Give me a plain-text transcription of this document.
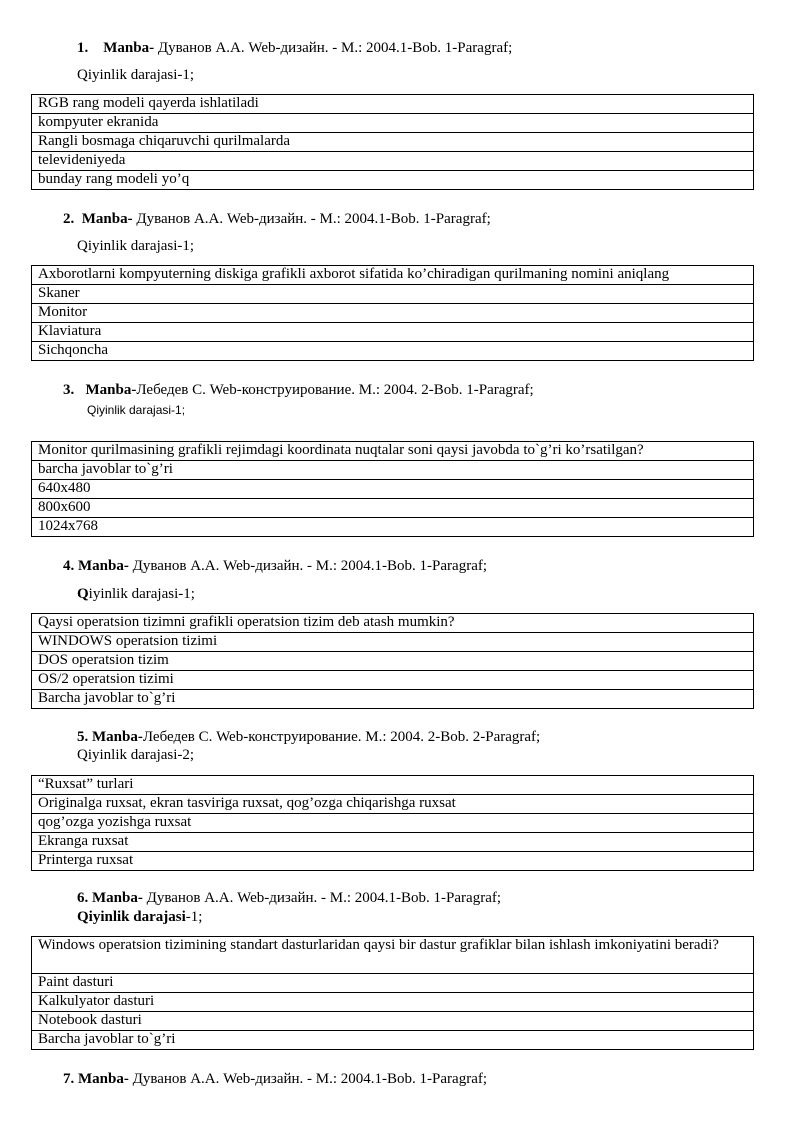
1. Manba- Дуванов А.А. Web-дизайн. - М.: 2004.1-Bob. 1-Paragraf;
Qiyinlik darajasi-1;
RGB rang modeli qayerda ishlatiladi
kompyuter ekranida
Rangli bosmaga chiqaruvchi qurilmalarda
televideniyeda
bunday rang modeli yo’q
2. Manba- Дуванов А.А. Web-дизайн. - М.: 2004.1-Bob. 1-Paragraf;
Qiyinlik darajasi-1;
Axborotlarni kompyuterning diskiga grafikli axborot sifatida ko’chiradigan qurilmaning nomini aniqlang
Skaner
Monitor
Klaviatura
Sichqoncha
3. Manba-Лебедев С. Web-конструирование. М.: 2004. 2-Bob. 1-Paragraf;
Qiyinlik darajasi-1;
Monitor qurilmasining grafikli rejimdagi koordinata nuqtalar soni qaysi javobda to`g’ri ko’rsatilgan?
barcha javoblar to`g’ri
640x480
800x600
1024x768
4. Manba- Дуванов А.А. Web-дизайн. - М.: 2004.1-Bob. 1-Paragraf;
Qiyinlik darajasi-1;
Qaysi operatsion tizimni grafikli operatsion tizim deb atash mumkin?
WINDOWS operatsion tizimi
DOS operatsion tizim
OS/2 operatsion tizimi
Barcha javoblar to`g’ri
5. Manba-Лебедев С. Web-конструирование. М.: 2004. 2-Bob. 2-Paragraf;
Qiyinlik darajasi-2;
“Ruxsat” turlari
Originalga ruxsat, ekran tasviriga ruxsat, qog’ozga chiqarishga ruxsat
qog’ozga yozishga ruxsat
Ekranga ruxsat
Printerga ruxsat
6. Manba- Дуванов А.А. Web-дизайн. - М.: 2004.1-Bob. 1-Paragraf;
Qiyinlik darajasi-1;
Windows operatsion tizimining standart dasturlaridan qaysi bir dastur grafiklar bilan ishlash imkoniyatini beradi?
Paint dasturi
Kalkulyator dasturi
Notebook dasturi
Barcha javoblar to`g’ri
7. Manba- Дуванов А.А. Web-дизайн. - М.: 2004.1-Bob. 1-Paragraf;
